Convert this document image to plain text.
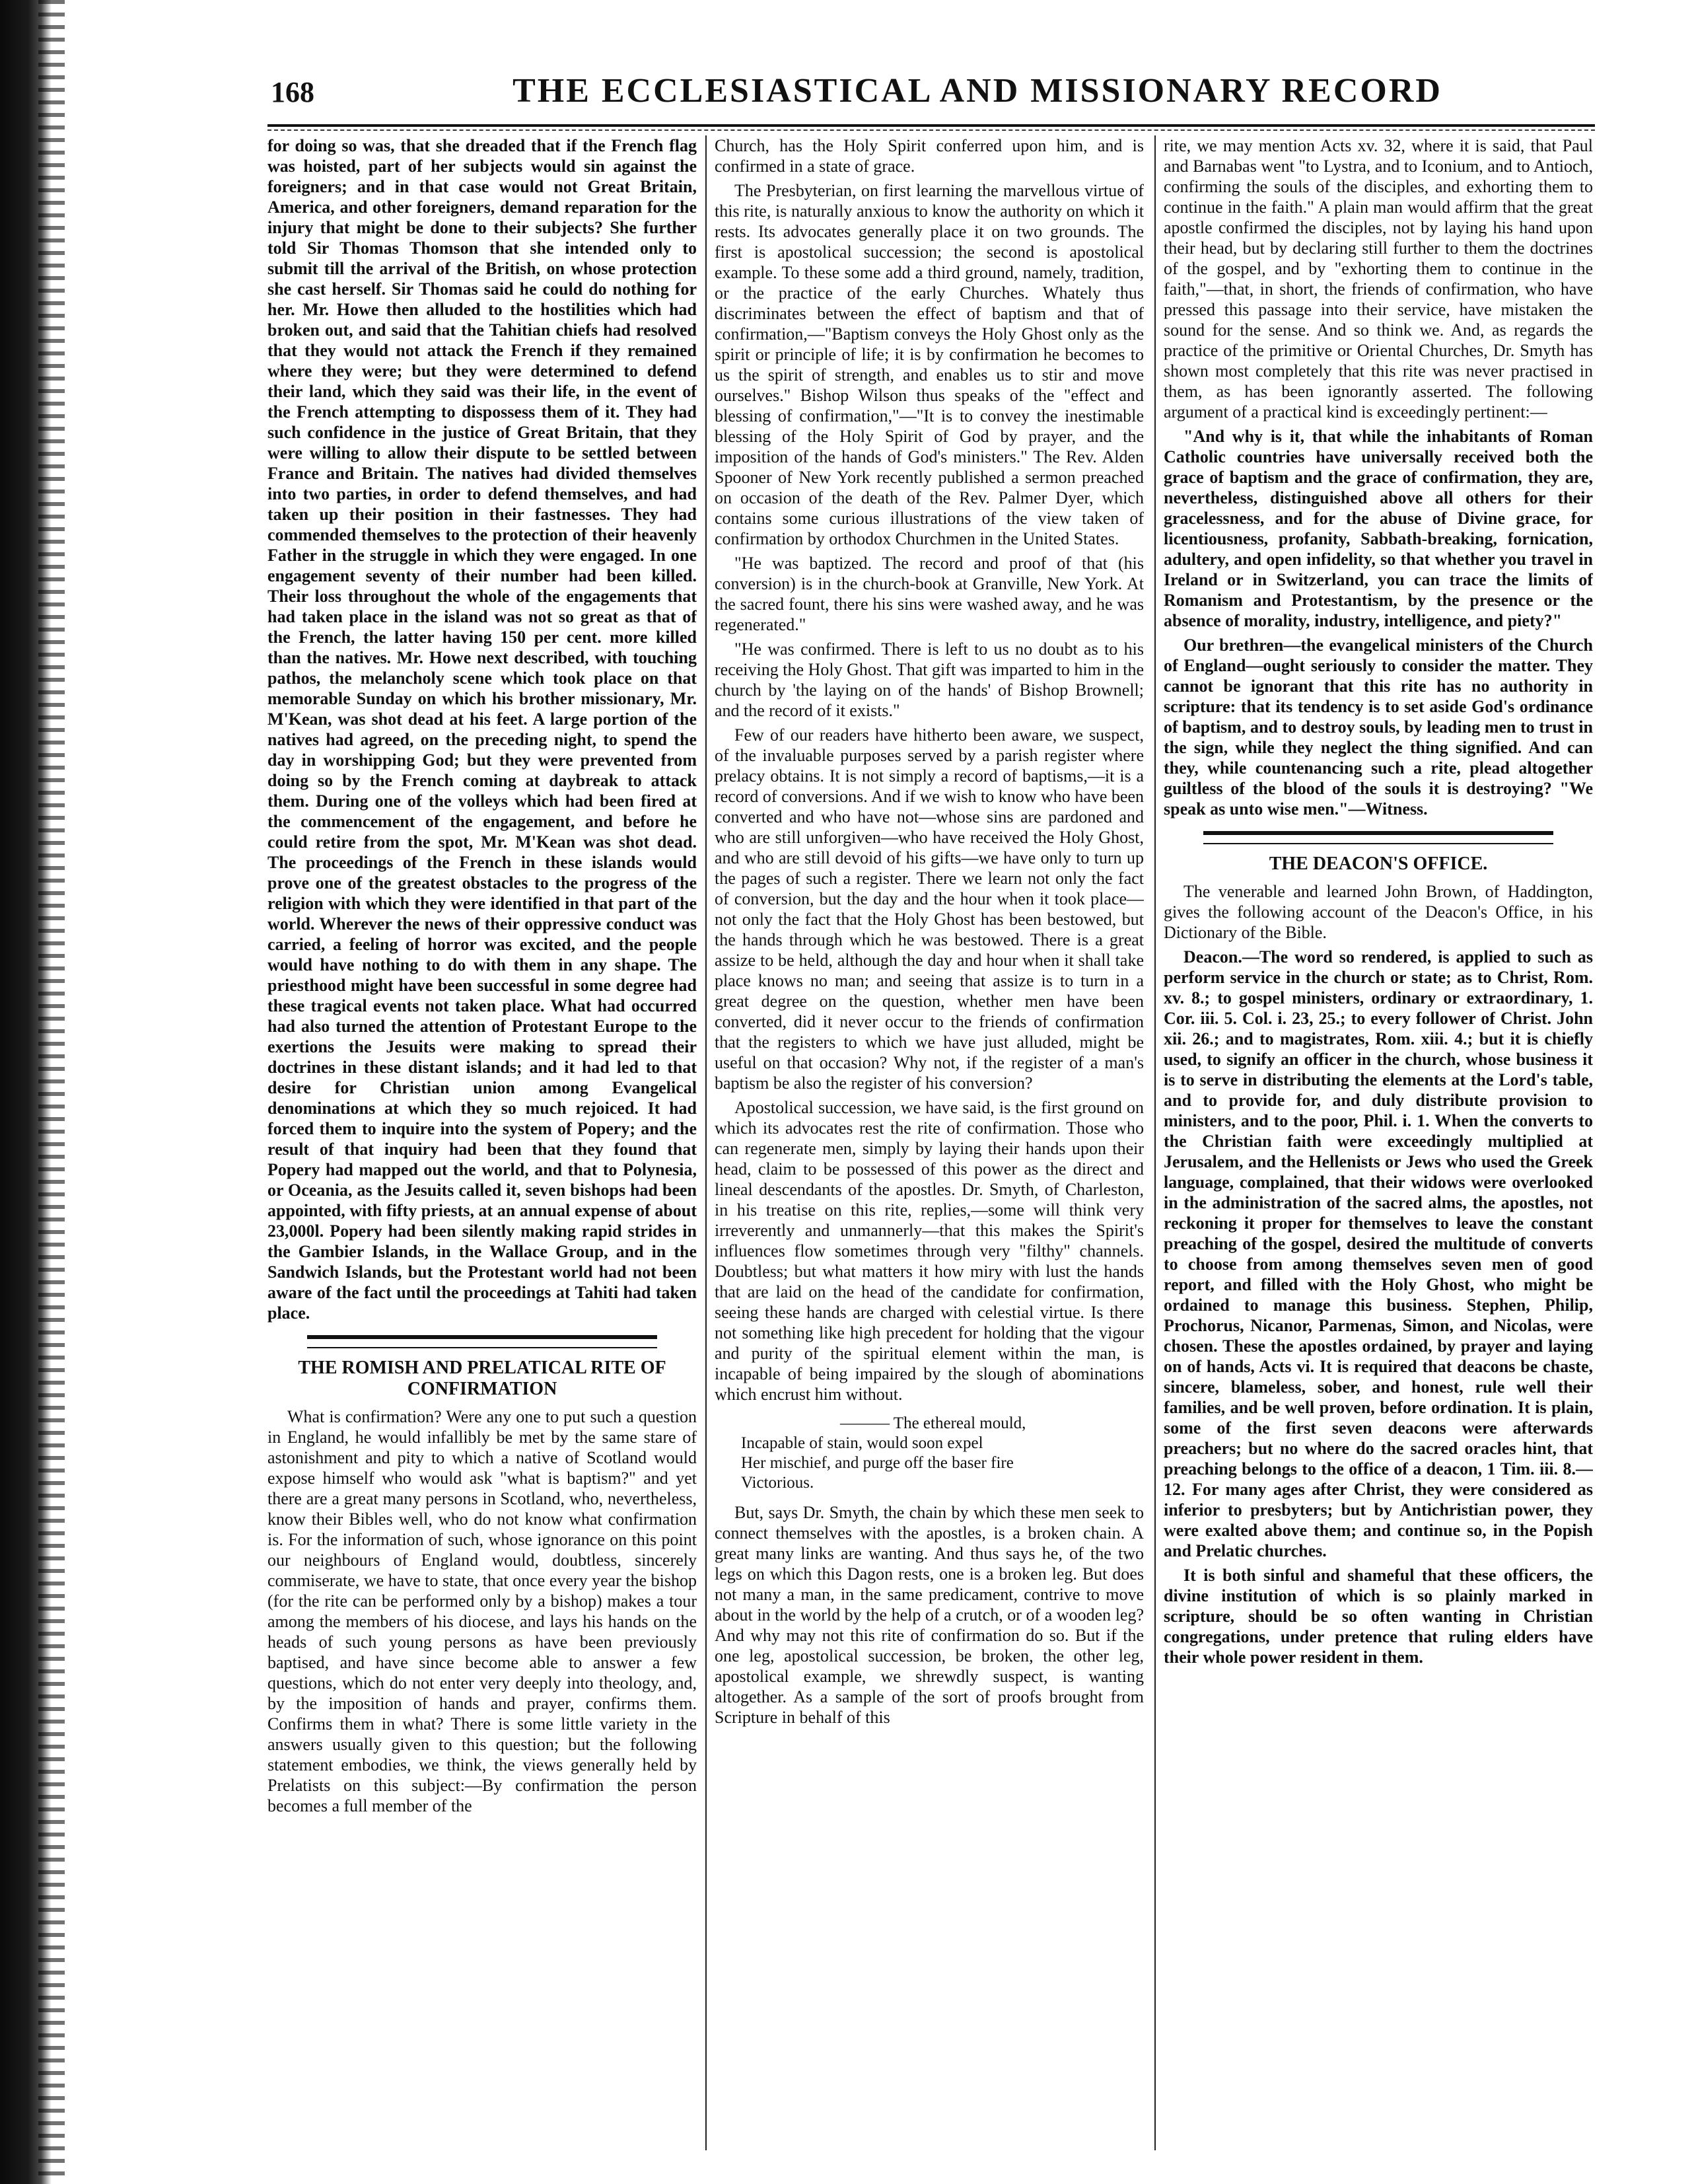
168	THE ECCLESIASTICAL AND MISSIONARY RECORD

for doing so was, that she dreaded that if the French flag was hoisted, part of her subjects would sin against the foreigners; and in that case would not Great Britain, America, and other foreigners, demand reparation for the injury that might be done to their subjects? She further told Sir Thomas Thomson that she intended only to submit till the arrival of the British, on whose protection she cast herself. Sir Thomas said he could do nothing for her. Mr. Howe then alluded to the hostilities which had broken out, and said that the Tahitian chiefs had resolved that they would not attack the French if they remained where they were; but they were determined to defend their land, which they said was their life, in the event of the French attempting to dispossess them of it. They had such confidence in the justice of Great Britain, that they were willing to allow their dispute to be settled between France and Britain. The natives had divided themselves into two parties, in order to defend themselves, and had taken up their position in their fastnesses. They had commended themselves to the protection of their heavenly Father in the struggle in which they were engaged. In one engagement seventy of their number had been killed. Their loss throughout the whole of the engagements that had taken place in the island was not so great as that of the French, the latter having 150 per cent. more killed than the natives. Mr. Howe next described, with touching pathos, the melancholy scene which took place on that memorable Sunday on which his brother missionary, Mr. M'Kean, was shot dead at his feet. A large portion of the natives had agreed, on the preceding night, to spend the day in worshipping God; but they were prevented from doing so by the French coming at daybreak to attack them. During one of the volleys which had been fired at the commencement of the engagement, and before he could retire from the spot, Mr. M'Kean was shot dead. The proceedings of the French in these islands would prove one of the greatest obstacles to the progress of the religion with which they were identified in that part of the world. Wherever the news of their oppressive conduct was carried, a feeling of horror was excited, and the people would have nothing to do with them in any shape. The priesthood might have been successful in some degree had these tragical events not taken place. What had occurred had also turned the attention of Protestant Europe to the exertions the Jesuits were making to spread their doctrines in these distant islands; and it had led to that desire for Christian union among Evangelical denominations at which they so much rejoiced. It had forced them to inquire into the system of Popery; and the result of that inquiry had been that they found that Popery had mapped out the world, and that to Polynesia, or Oceania, as the Jesuits called it, seven bishops had been appointed, with fifty priests, at an annual expense of about 23,000l. Popery had been silently making rapid strides in the Gambier Islands, in the Wallace Group, and in the Sandwich Islands, but the Protestant world had not been aware of the fact until the proceedings at Tahiti had taken place.

THE ROMISH AND PRELATICAL RITE OF CONFIRMATION

What is confirmation? Were any one to put such a question in England, he would infallibly be met by the same stare of astonishment and pity to which a native of Scotland would expose himself who would ask "what is baptism?" and yet there are a great many persons in Scotland, who, nevertheless, know their Bibles well, who do not know what confirmation is. For the information of such, whose ignorance on this point our neighbours of England would, doubtless, sincerely commiserate, we have to state, that once every year the bishop (for the rite can be performed only by a bishop) makes a tour among the members of his diocese, and lays his hands on the heads of such young persons as have been previously baptised, and have since become able to answer a few questions, which do not enter very deeply into theology, and, by the imposition of hands and prayer, confirms them. Confirms them in what? There is some little variety in the answers usually given to this question; but the following statement embodies, we think, the views generally held by Prelatists on this subject:—By confirmation the person becomes a full member of the

Church, has the Holy Spirit conferred upon him, and is confirmed in a state of grace.

The Presbyterian, on first learning the marvellous virtue of this rite, is naturally anxious to know the authority on which it rests. Its advocates generally place it on two grounds. The first is apostolical succession; the second is apostolical example. To these some add a third ground, namely, tradition, or the practice of the early Churches. Whately thus discriminates between the effect of baptism and that of confirmation,—"Baptism conveys the Holy Ghost only as the spirit or principle of life; it is by confirmation he becomes to us the spirit of strength, and enables us to stir and move ourselves." Bishop Wilson thus speaks of the "effect and blessing of confirmation,"—"It is to convey the inestimable blessing of the Holy Spirit of God by prayer, and the imposition of the hands of God's ministers." The Rev. Alden Spooner of New York recently published a sermon preached on occasion of the death of the Rev. Palmer Dyer, which contains some curious illustrations of the view taken of confirmation by orthodox Churchmen in the United States.

"He was baptized. The record and proof of that (his conversion) is in the church-book at Granville, New York. At the sacred fount, there his sins were washed away, and he was regenerated."

"He was confirmed. There is left to us no doubt as to his receiving the Holy Ghost. That gift was imparted to him in the church by 'the laying on of the hands' of Bishop Brownell; and the record of it exists."

Few of our readers have hitherto been aware, we suspect, of the invaluable purposes served by a parish register where prelacy obtains. It is not simply a record of baptisms,—it is a record of conversions. And if we wish to know who have been converted and who have not—whose sins are pardoned and who are still unforgiven—who have received the Holy Ghost, and who are still devoid of his gifts—we have only to turn up the pages of such a register. There we learn not only the fact of conversion, but the day and the hour when it took place—not only the fact that the Holy Ghost has been bestowed, but the hands through which he was bestowed. There is a great assize to be held, although the day and hour when it shall take place knows no man; and seeing that assize is to turn in a great degree on the question, whether men have been converted, did it never occur to the friends of confirmation that the registers to which we have just alluded, might be useful on that occasion? Why not, if the register of a man's baptism be also the register of his conversion?

Apostolical succession, we have said, is the first ground on which its advocates rest the rite of confirmation. Those who can regenerate men, simply by laying their hands upon their head, claim to be possessed of this power as the direct and lineal descendants of the apostles. Dr. Smyth, of Charleston, in his treatise on this rite, replies,—some will think very irreverently and unmannerly—that this makes the Spirit's influences flow sometimes through very "filthy" channels. Doubtless; but what matters it how miry with lust the hands that are laid on the head of the candidate for confirmation, seeing these hands are charged with celestial virtue. Is there not something like high precedent for holding that the vigour and purity of the spiritual element within the man, is incapable of being impaired by the slough of abominations which encrust him without.

——— The ethereal mould,
Incapable of stain, would soon expel
Her mischief, and purge off the baser fire
Victorious.

But, says Dr. Smyth, the chain by which these men seek to connect themselves with the apostles, is a broken chain. A great many links are wanting. And thus says he, of the two legs on which this Dagon rests, one is a broken leg. But does not many a man, in the same predicament, contrive to move about in the world by the help of a crutch, or of a wooden leg? And why may not this rite of confirmation do so. But if the one leg, apostolical succession, be broken, the other leg, apostolical example, we shrewdly suspect, is wanting altogether. As a sample of the sort of proofs brought from Scripture in behalf of this

rite, we may mention Acts xv. 32, where it is said, that Paul and Barnabas went "to Lystra, and to Iconium, and to Antioch, confirming the souls of the disciples, and exhorting them to continue in the faith." A plain man would affirm that the great apostle confirmed the disciples, not by laying his hand upon their head, but by declaring still further to them the doctrines of the gospel, and by "exhorting them to continue in the faith,"—that, in short, the friends of confirmation, who have pressed this passage into their service, have mistaken the sound for the sense. And so think we. And, as regards the practice of the primitive or Oriental Churches, Dr. Smyth has shown most completely that this rite was never practised in them, as has been ignorantly asserted. The following argument of a practical kind is exceedingly pertinent:—

"And why is it, that while the inhabitants of Roman Catholic countries have universally received both the grace of baptism and the grace of confirmation, they are, nevertheless, distinguished above all others for their gracelessness, and for the abuse of Divine grace, for licentiousness, profanity, Sabbath-breaking, fornication, adultery, and open infidelity, so that whether you travel in Ireland or in Switzerland, you can trace the limits of Romanism and Protestantism, by the presence or the absence of morality, industry, intelligence, and piety?"

Our brethren—the evangelical ministers of the Church of England—ought seriously to consider the matter. They cannot be ignorant that this rite has no authority in scripture: that its tendency is to set aside God's ordinance of baptism, and to destroy souls, by leading men to trust in the sign, while they neglect the thing signified. And can they, while countenancing such a rite, plead altogether guiltless of the blood of the souls it is destroying? "We speak as unto wise men."—Witness.

THE DEACON'S OFFICE.

The venerable and learned John Brown, of Haddington, gives the following account of the Deacon's Office, in his Dictionary of the Bible.

Deacon.—The word so rendered, is applied to such as perform service in the church or state; as to Christ, Rom. xv. 8.; to gospel ministers, ordinary or extraordinary, 1. Cor. iii. 5. Col. i. 23, 25.; to every follower of Christ. John xii. 26.; and to magistrates, Rom. xiii. 4.; but it is chiefly used, to signify an officer in the church, whose business it is to serve in distributing the elements at the Lord's table, and to provide for, and duly distribute provision to ministers, and to the poor, Phil. i. 1. When the converts to the Christian faith were exceedingly multiplied at Jerusalem, and the Hellenists or Jews who used the Greek language, complained, that their widows were overlooked in the administration of the sacred alms, the apostles, not reckoning it proper for themselves to leave the constant preaching of the gospel, desired the multitude of converts to choose from among themselves seven men of good report, and filled with the Holy Ghost, who might be ordained to manage this business. Stephen, Philip, Prochorus, Nicanor, Parmenas, Simon, and Nicolas, were chosen. These the apostles ordained, by prayer and laying on of hands, Acts vi. It is required that deacons be chaste, sincere, blameless, sober, and honest, rule well their families, and be well proven, before ordination. It is plain, some of the first seven deacons were afterwards preachers; but no where do the sacred oracles hint, that preaching belongs to the office of a deacon, 1 Tim. iii. 8.—12. For many ages after Christ, they were considered as inferior to presbyters; but by Antichristian power, they were exalted above them; and continue so, in the Popish and Prelatic churches.

It is both sinful and shameful that these officers, the divine institution of which is so plainly marked in scripture, should be so often wanting in Christian congregations, under pretence that ruling elders have their whole power resident in them.
